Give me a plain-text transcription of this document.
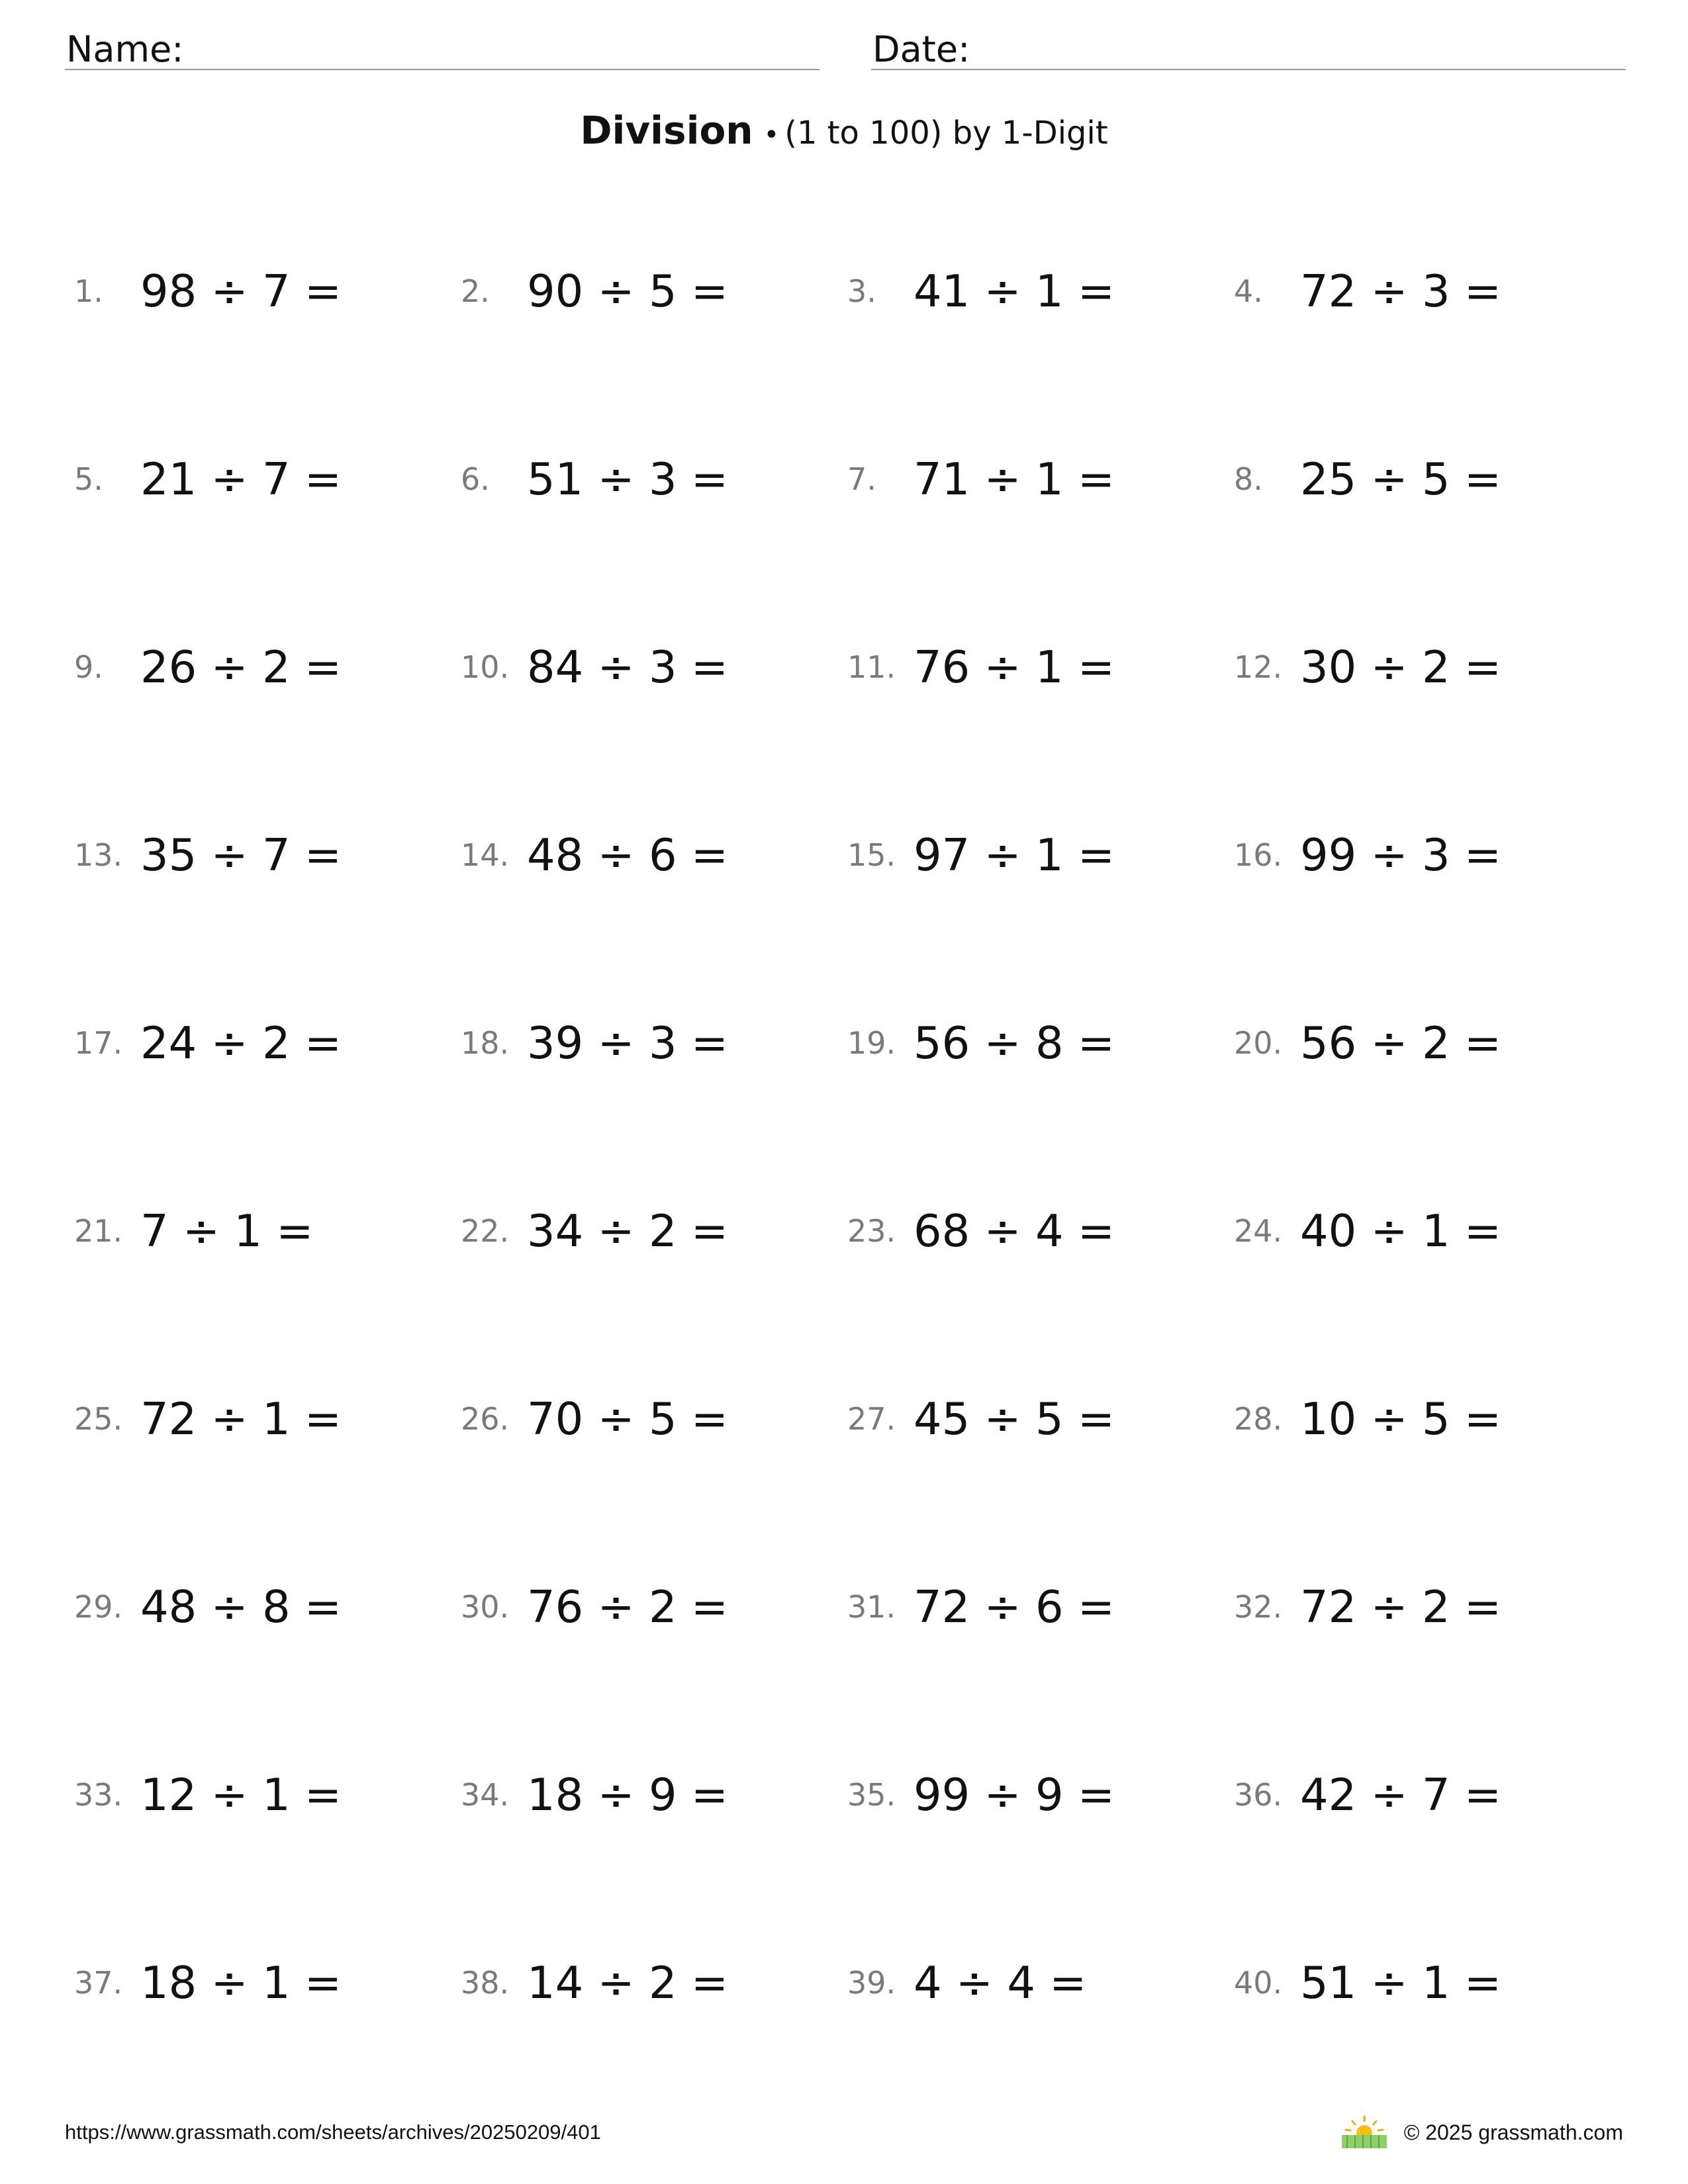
Name:	Date:
Division • (1 to 100) by 1-Digit
1. 98 ÷ 7 =	2. 90 ÷ 5 =	3. 41 ÷ 1 =	4. 72 ÷ 3 =
5. 21 ÷ 7 =	6. 51 ÷ 3 =	7. 71 ÷ 1 =	8. 25 ÷ 5 =
9. 26 ÷ 2 =	10. 84 ÷ 3 =	11. 76 ÷ 1 =	12. 30 ÷ 2 =
13. 35 ÷ 7 =	14. 48 ÷ 6 =	15. 97 ÷ 1 =	16. 99 ÷ 3 =
17. 24 ÷ 2 =	18. 39 ÷ 3 =	19. 56 ÷ 8 =	20. 56 ÷ 2 =
21. 7 ÷ 1 =	22. 34 ÷ 2 =	23. 68 ÷ 4 =	24. 40 ÷ 1 =
25. 72 ÷ 1 =	26. 70 ÷ 5 =	27. 45 ÷ 5 =	28. 10 ÷ 5 =
29. 48 ÷ 8 =	30. 76 ÷ 2 =	31. 72 ÷ 6 =	32. 72 ÷ 2 =
33. 12 ÷ 1 =	34. 18 ÷ 9 =	35. 99 ÷ 9 =	36. 42 ÷ 7 =
37. 18 ÷ 1 =	38. 14 ÷ 2 =	39. 4 ÷ 4 =	40. 51 ÷ 1 =
https://www.grassmath.com/sheets/archives/20250209/401	© 2025 grassmath.com
